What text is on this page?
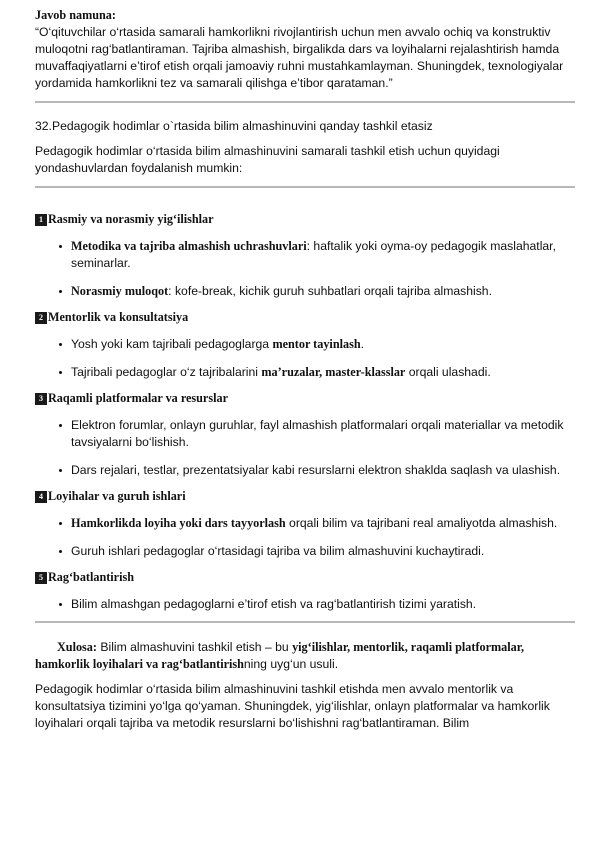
Javob namuna:

“O‘qituvchilar o‘rtasida samarali hamkorlikni rivojlantirish uchun men avvalo ochiq va konstruktiv muloqotni rag‘batlantiraman. Tajriba almashish, birgalikda dars va loyihalarni rejalashtirish hamda muvaffaqiyatlarni e’tirof etish orqali jamoaviy ruhni mustahkamlayman. Shuningdek, texnologiyalar yordamida hamkorlikni tez va samarali qilishga e’tibor qarataman.”

32.Pedagogik hodimlar o`rtasida bilim almashinuvini qanday tashkil etasiz

Pedagogik hodimlar o‘rtasida bilim almashinuvini samarali tashkil etish uchun quyidagi yondashuvlardan foydalanish mumkin:

1 Rasmiy va norasmiy yig‘ilishlar
Metodika va tajriba almashish uchrashuvlari: haftalik yoki oyma-oy pedagogik maslahatlar, seminarlar.
Norasmiy muloqot: kofe-break, kichik guruh suhbatlari orqali tajriba almashish.
2 Mentorlik va konsultatsiya
Yosh yoki kam tajribali pedagoglarga mentor tayinlash.
Tajribali pedagoglar o‘z tajribalarini ma’ruzalar, master-klasslar orqali ulashadi.
3 Raqamli platformalar va resurslar
Elektron forumlar, onlayn guruhlar, fayl almashish platformalari orqali materiallar va metodik tavsiyalarni bo‘lishish.
Dars rejalari, testlar, prezentatsiyalar kabi resurslarni elektron shaklda saqlash va ulashish.
4 Loyihalar va guruh ishlari
Hamkorlikda loyiha yoki dars tayyorlash orqali bilim va tajribani real amaliyotda almashish.
Guruh ishlari pedagoglar o‘rtasidagi tajriba va bilim almashuvini kuchaytiradi.
5 Rag‘batlantirish
Bilim almashgan pedagoglarni e’tirof etish va rag‘batlantirish tizimi yaratish.

Xulosa: Bilim almashuvini tashkil etish – bu yig‘ilishlar, mentorlik, raqamli platformalar, hamkorlik loyihalari va rag‘batlantirishning uyg‘un usuli.

Pedagogik hodimlar o‘rtasida bilim almashinuvini tashkil etishda men avvalo mentorlik va konsultatsiya tizimini yo‘lga qo‘yaman. Shuningdek, yig‘ilishlar, onlayn platformalar va hamkorlik loyihalari orqali tajriba va metodik resurslarni bo‘lishishni rag‘batlantiraman. Bilim
